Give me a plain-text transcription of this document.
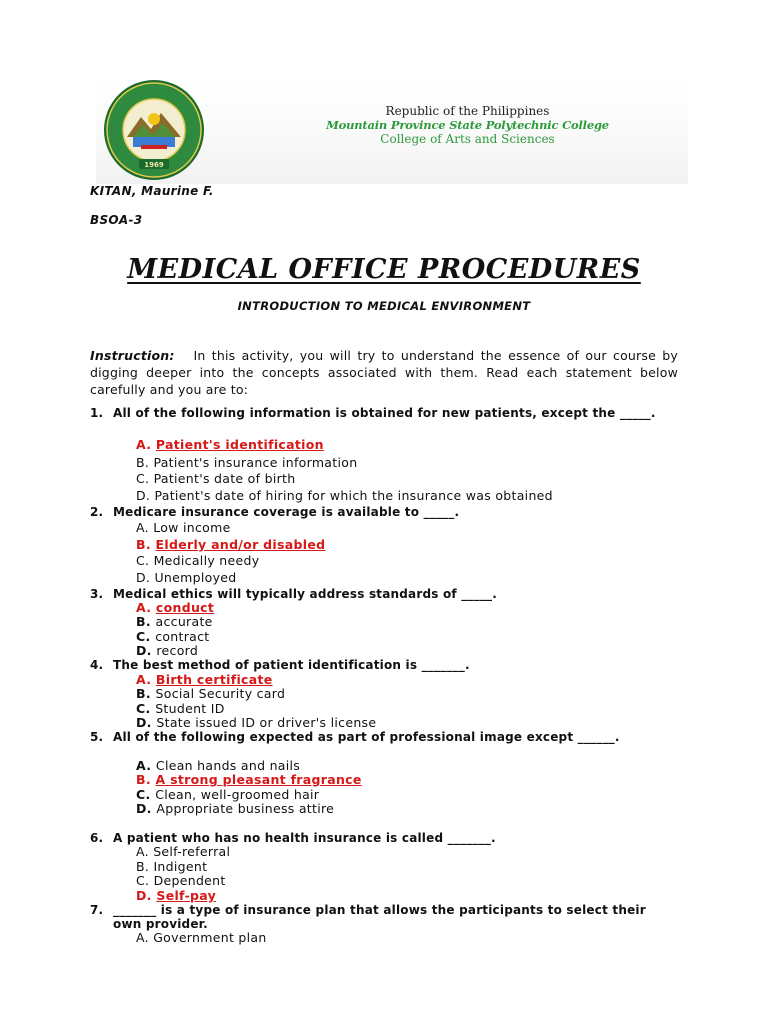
1969
Republic of the Philippines
Mountain Province State Polytechnic College
College of Arts and Sciences
KITAN, Maurine F.
BSOA-3
MEDICAL OFFICE PROCEDURES
INTRODUCTION TO MEDICAL ENVIRONMENT
Instruction: In this activity, you will try to understand the essence of our course by digging deeper into the concepts associated with them. Read each statement below carefully and you are to:
1. All of the following information is obtained for new patients, except the _____.
A. Patient's identification
B. Patient's insurance information
C. Patient's date of birth
D. Patient's date of hiring for which the insurance was obtained
2. Medicare insurance coverage is available to _____.
A. Low income
B. Elderly and/or disabled
C. Medically needy
D. Unemployed
3. Medical ethics will typically address standards of _____.
A. conduct
B. accurate
C. contract
D. record
4. The best method of patient identification is _______.
A. Birth certificate
B. Social Security card
C. Student ID
D. State issued ID or driver's license
5. All of the following expected as part of professional image except ______.
A. Clean hands and nails
B. A strong pleasant fragrance
C. Clean, well-groomed hair
D. Appropriate business attire
6. A patient who has no health insurance is called _______.
A. Self-referral
B. Indigent
C. Dependent
D. Self-pay
7. _______ is a type of insurance plan that allows the participants to select their own provider.
A. Government plan
